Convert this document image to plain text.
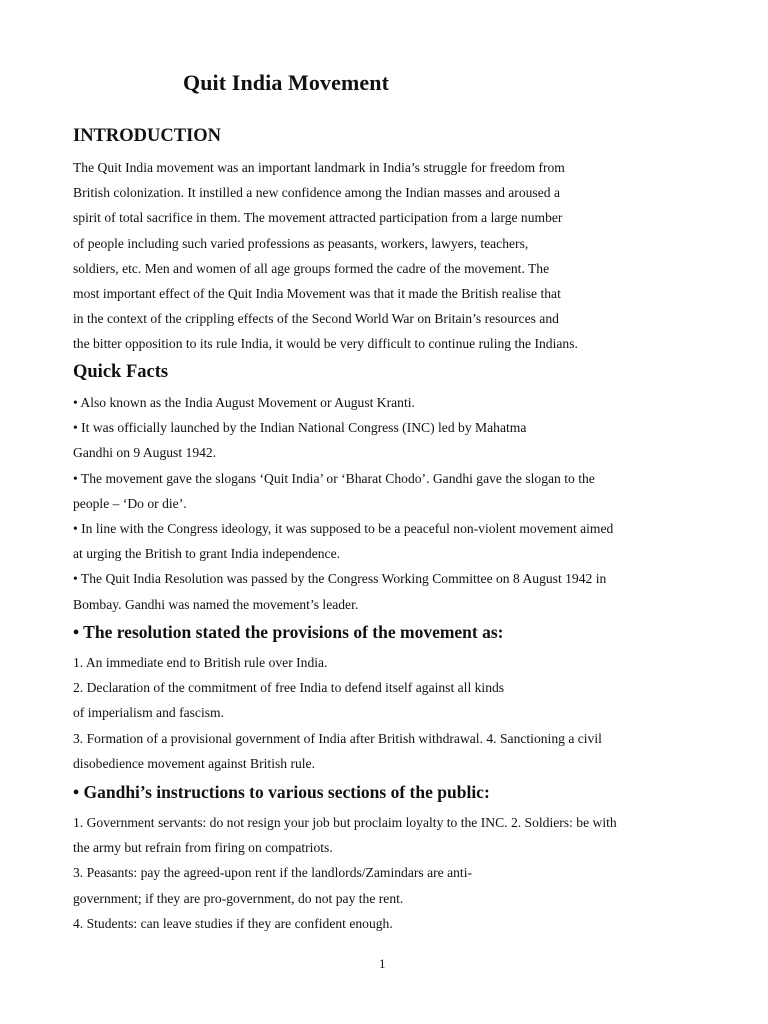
Quit India Movement
INTRODUCTION
The Quit India movement was an important landmark in India’s struggle for freedom from
British colonization. It instilled a new confidence among the Indian masses and aroused a
spirit of total sacrifice in them. The movement attracted participation from a large number
of people including such varied professions as peasants, workers, lawyers, teachers,
soldiers, etc. Men and women of all age groups formed the cadre of the movement. The
most important effect of the Quit India Movement was that it made the British realise that
in the context of the crippling effects of the Second World War on Britain’s resources and
the bitter opposition to its rule India, it would be very difficult to continue ruling the Indians.
Quick Facts
• Also known as the India August Movement or August Kranti.
• It was officially launched by the Indian National Congress (INC) led by Mahatma
Gandhi on 9 August 1942.
• The movement gave the slogans ‘Quit India’ or ‘Bharat Chodo’. Gandhi gave the slogan to the
people – ‘Do or die’.
• In line with the Congress ideology, it was supposed to be a peaceful non-violent movement aimed
at urging the British to grant India independence.
• The Quit India Resolution was passed by the Congress Working Committee on 8 August 1942 in
Bombay. Gandhi was named the movement’s leader.
• The resolution stated the provisions of the movement as:
1. An immediate end to British rule over India.
2. Declaration of the commitment of free India to defend itself against all kinds
of imperialism and fascism.
3. Formation of a provisional government of India after British withdrawal. 4. Sanctioning a civil
disobedience movement against British rule.
• Gandhi’s instructions to various sections of the public:
1. Government servants: do not resign your job but proclaim loyalty to the INC. 2. Soldiers: be with
the army but refrain from firing on compatriots.
3. Peasants: pay the agreed-upon rent if the landlords/Zamindars are anti-
government; if they are pro-government, do not pay the rent.
4. Students: can leave studies if they are confident enough.
1
